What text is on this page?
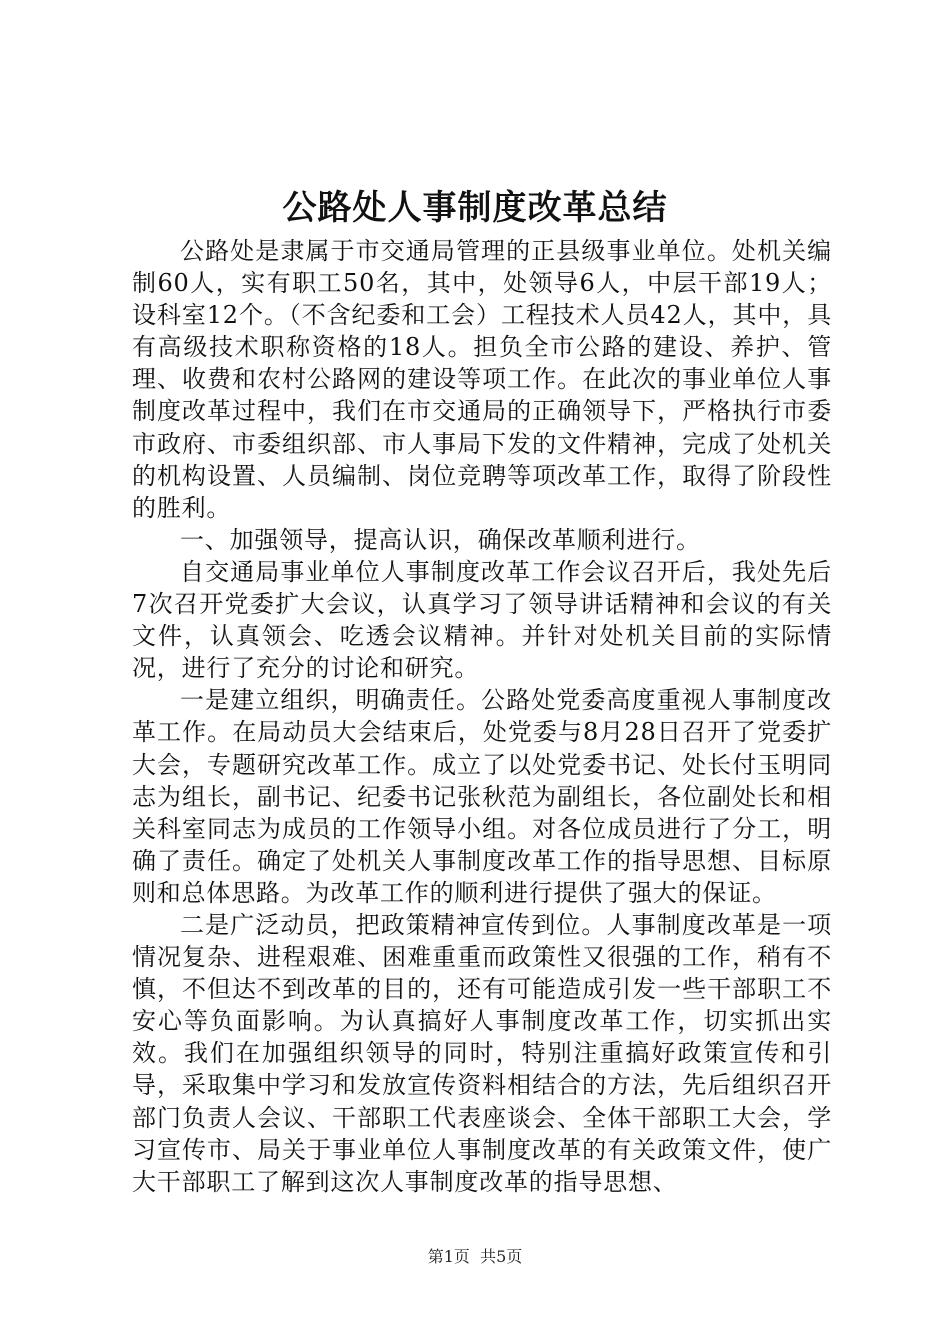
公路处人事制度改革总结

公路处是隶属于市交通局管理的正县级事业单位。处机关编制60人，实有职工50名，其中，处领导6人，中层干部19人；设科室12个。（不含纪委和工会）工程技术人员42人，其中，具有高级技术职称资格的18人。担负全市公路的建设、养护、管理、收费和农村公路网的建设等项工作。在此次的事业单位人事制度改革过程中，我们在市交通局的正确领导下，严格执行市委市政府、市委组织部、市人事局下发的文件精神，完成了处机关的机构设置、人员编制、岗位竞聘等项改革工作，取得了阶段性的胜利。

一、加强领导，提高认识，确保改革顺利进行。

自交通局事业单位人事制度改革工作会议召开后，我处先后7次召开党委扩大会议，认真学习了领导讲话精神和会议的有关文件，认真领会、吃透会议精神。并针对处机关目前的实际情况，进行了充分的讨论和研究。

一是建立组织，明确责任。公路处党委高度重视人事制度改革工作。在局动员大会结束后，处党委与8月28日召开了党委扩大会，专题研究改革工作。成立了以处党委书记、处长付玉明同志为组长，副书记、纪委书记张秋范为副组长，各位副处长和相关科室同志为成员的工作领导小组。对各位成员进行了分工，明确了责任。确定了处机关人事制度改革工作的指导思想、目标原则和总体思路。为改革工作的顺利进行提供了强大的保证。

二是广泛动员，把政策精神宣传到位。人事制度改革是一项情况复杂、进程艰难、困难重重而政策性又很强的工作，稍有不慎，不但达不到改革的目的，还有可能造成引发一些干部职工不安心等负面影响。为认真搞好人事制度改革工作，切实抓出实效。我们在加强组织领导的同时，特别注重搞好政策宣传和引导，采取集中学习和发放宣传资料相结合的方法，先后组织召开部门负责人会议、干部职工代表座谈会、全体干部职工大会，学习宣传市、局关于事业单位人事制度改革的有关政策文件，使广大干部职工了解到这次人事制度改革的指导思想、

第1页 共5页
